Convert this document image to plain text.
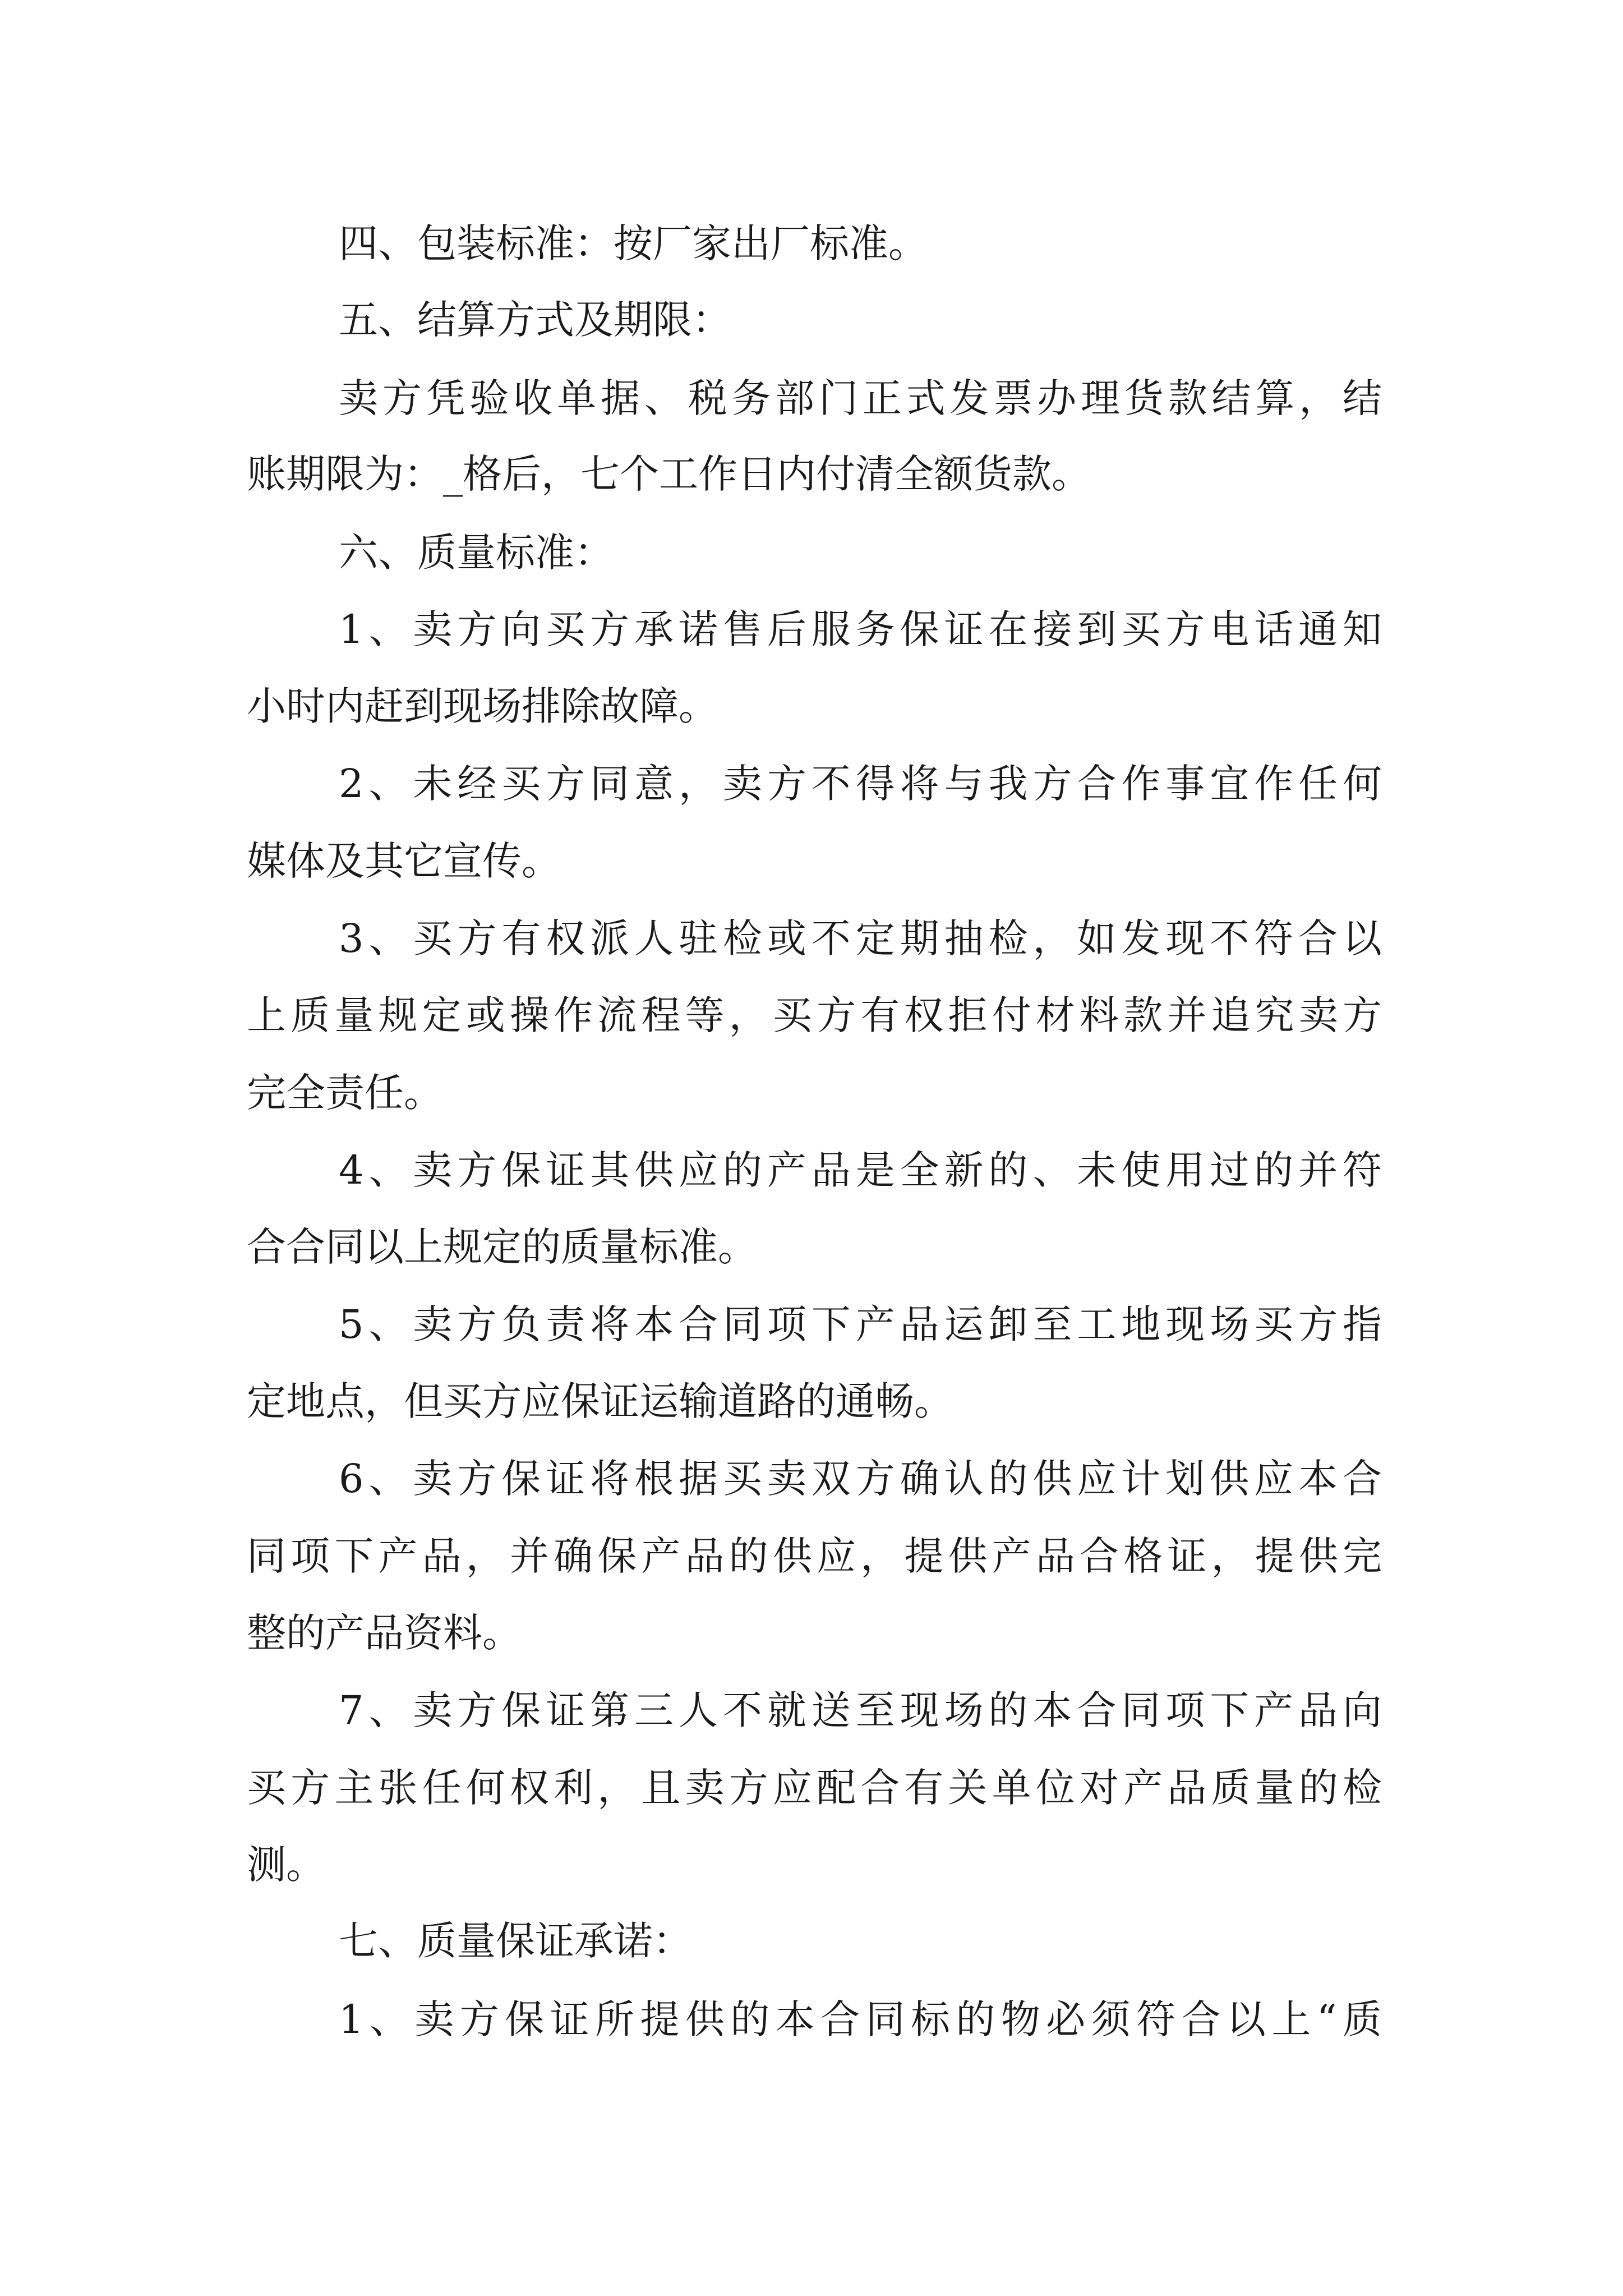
四、包装标准：按厂家出厂标准。
五、结算方式及期限：
卖方凭验收单据、税务部门正式发票办理货款结算，结
账期限为：_格后，七个工作日内付清全额货款。
六、质量标准：
1、卖方向买方承诺售后服务保证在接到买方电话通知
小时内赶到现场排除故障。
2、未经买方同意，卖方不得将与我方合作事宜作任何
媒体及其它宣传。
3、买方有权派人驻检或不定期抽检，如发现不符合以
上质量规定或操作流程等，买方有权拒付材料款并追究卖方
完全责任。
4、卖方保证其供应的产品是全新的、未使用过的并符
合合同以上规定的质量标准。
5、卖方负责将本合同项下产品运卸至工地现场买方指
定地点，但买方应保证运输道路的通畅。
6、卖方保证将根据买卖双方确认的供应计划供应本合
同项下产品，并确保产品的供应，提供产品合格证，提供完
整的产品资料。
7、卖方保证第三人不就送至现场的本合同项下产品向
买方主张任何权利，且卖方应配合有关单位对产品质量的检
测。
七、质量保证承诺：
1、卖方保证所提供的本合同标的物必须符合以上“质
